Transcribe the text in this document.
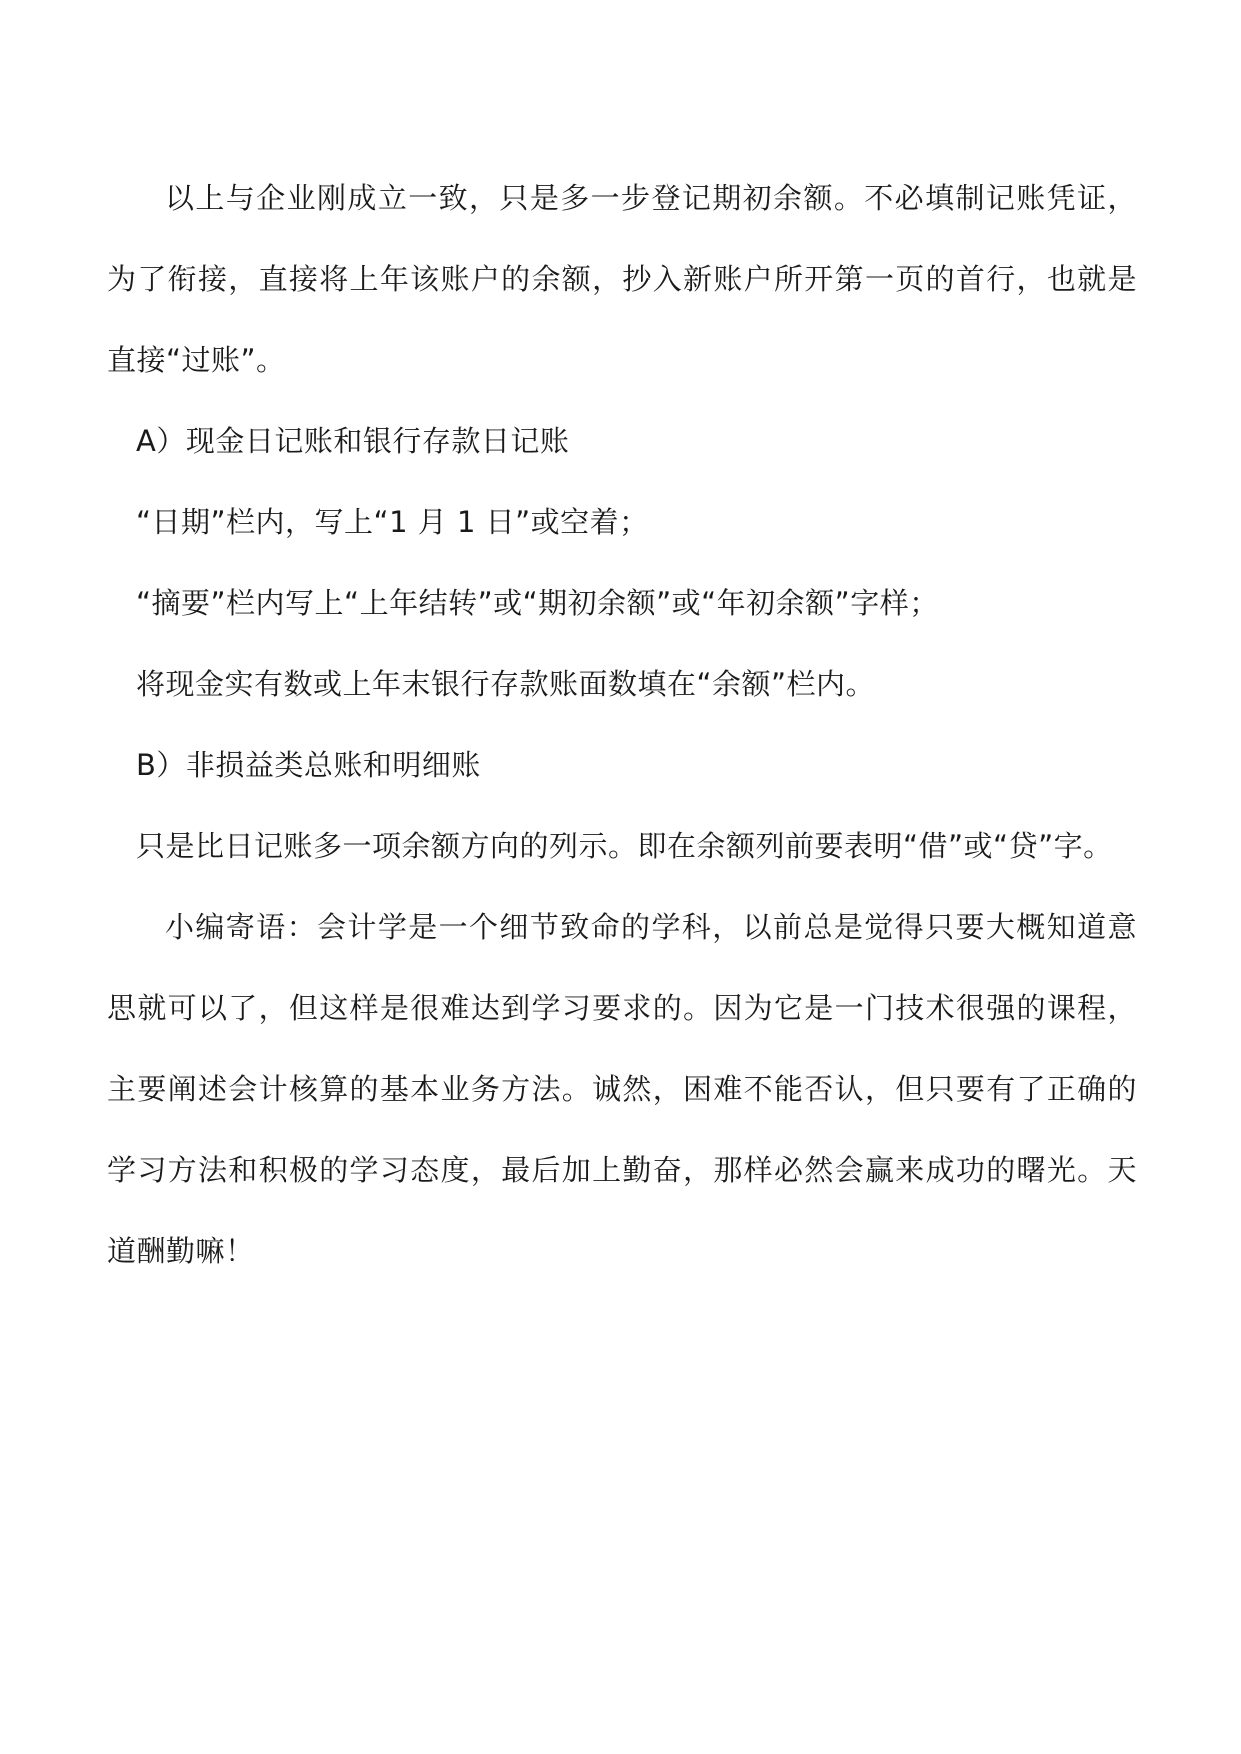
以上与企业刚成立一致，只是多一步登记期初余额。不必填制记账凭证，为了衔接，直接将上年该账户的余额，抄入新账户所开第一页的首行，也就是直接“过账”。

A）现金日记账和银行存款日记账

“日期”栏内，写上“1 月 1 日”或空着；

“摘要”栏内写上“上年结转”或“期初余额”或“年初余额”字样；

将现金实有数或上年末银行存款账面数填在“余额”栏内。

B）非损益类总账和明细账

只是比日记账多一项余额方向的列示。即在余额列前要表明“借”或“贷”字。

小编寄语：会计学是一个细节致命的学科，以前总是觉得只要大概知道意思就可以了，但这样是很难达到学习要求的。因为它是一门技术很强的课程，主要阐述会计核算的基本业务方法。诚然，困难不能否认，但只要有了正确的学习方法和积极的学习态度，最后加上勤奋，那样必然会赢来成功的曙光。天道酬勤嘛！
